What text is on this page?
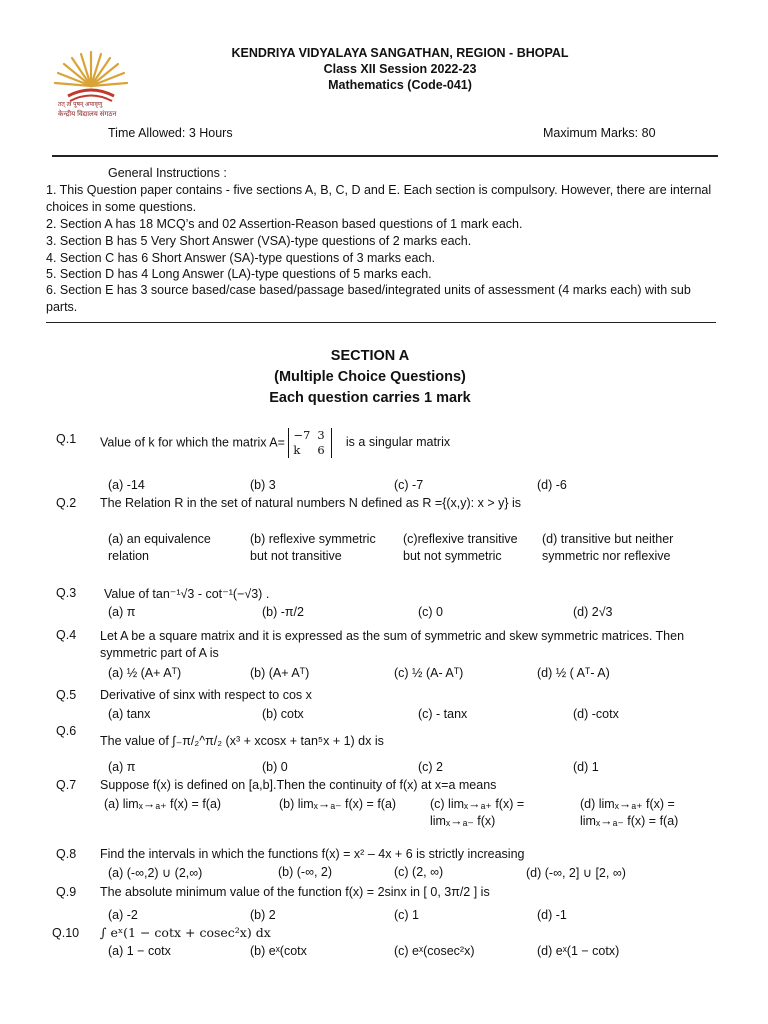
तत् त्वं पूषन् अपावृणु
केन्द्रीय विद्यालय संगठन
KENDRIYA VIDYALAYA SANGATHAN, REGION - BHOPAL
Class XII Session 2022-23
Mathematics (Code-041)
Time Allowed: 3 Hours	Maximum Marks: 80
General Instructions :
1. This Question paper contains - five sections A, B, C, D and E. Each section is compulsory. However, there are internal choices in some questions.
2. Section A has 18 MCQ’s and 02 Assertion-Reason based questions of 1 mark each.
3. Section B has 5 Very Short Answer (VSA)-type questions of 2 marks each.
4. Section C has 6 Short Answer (SA)-type questions of 3 marks each.
5. Section D has 4 Long Answer (LA)-type questions of 5 marks each.
6. Section E has 3 source based/case based/passage based/integrated units of assessment (4 marks each) with sub parts.
SECTION A
(Multiple Choice Questions)
Each question carries 1 mark
Q.1 Value of k for which the matrix A= −7 3
k 6 is a singular matrix
(a) -14	(b) 3	(c) -7	(d) -6
Q.2 The Relation R in the set of natural numbers N defined as R ={(x,y): x > y} is
(a) an equivalence relation
(b) reflexive symmetric but not transitive
(c)reflexive transitive but not symmetric
(d) transitive but neither symmetric nor reflexive
Q.3 Value of tan⁻¹√3 - cot⁻¹(−√3) .
(a) π	(b) -π/2	(c) 0	(d) 2√3
Q.4 Let A be a square matrix and it is expressed as the sum of symmetric and skew symmetric matrices. Then symmetric part of A is
(a) ½ (A+ Aᵀ)	(b) (A+ Aᵀ)	(c) ½ (A- Aᵀ)	(d) ½ ( Aᵀ- A)
Q.5 Derivative of sinx with respect to cos x
(a) tanx	(b) cotx	(c) - tanx	(d) -cotx
Q.6
The value of ∫₋π/₂^π/₂ (x³ + xcosx + tan⁵x + 1) dx is
(a) π	(b) 0	(c) 2	(d) 1
Q.7 Suppose f(x) is defined on [a,b].Then the continuity of f(x) at x=a means
(a) limₓ→ₐ₊ f(x) = f(a)	(b) limₓ→ₐ₋ f(x) = f(a)	(c) limₓ→ₐ₊ f(x) = limₓ→ₐ₋ f(x)
(d) limₓ→ₐ₊ f(x) = limₓ→ₐ₋ f(x) = f(a)
Q.8 Find the intervals in which the functions f(x) = x² – 4x + 6 is strictly increasing
(a) (-∞,2) ∪ (2,∞)	(b) (-∞, 2)	(c) (2, ∞)	(d) (-∞, 2] ∪ [2, ∞)
Q.9 The absolute minimum value of the function f(x) = 2sinx in [ 0, 3π/2 ] is
(a) -2	(b) 2	(c) 1	(d) -1
Q.10 ∫ eˣ(1 − cotx + cosec²x) dx
(a) 1 − cotx	(b) eˣ(cotx	(c) eˣ(cosec²x)	(d) eˣ(1 − cotx)
